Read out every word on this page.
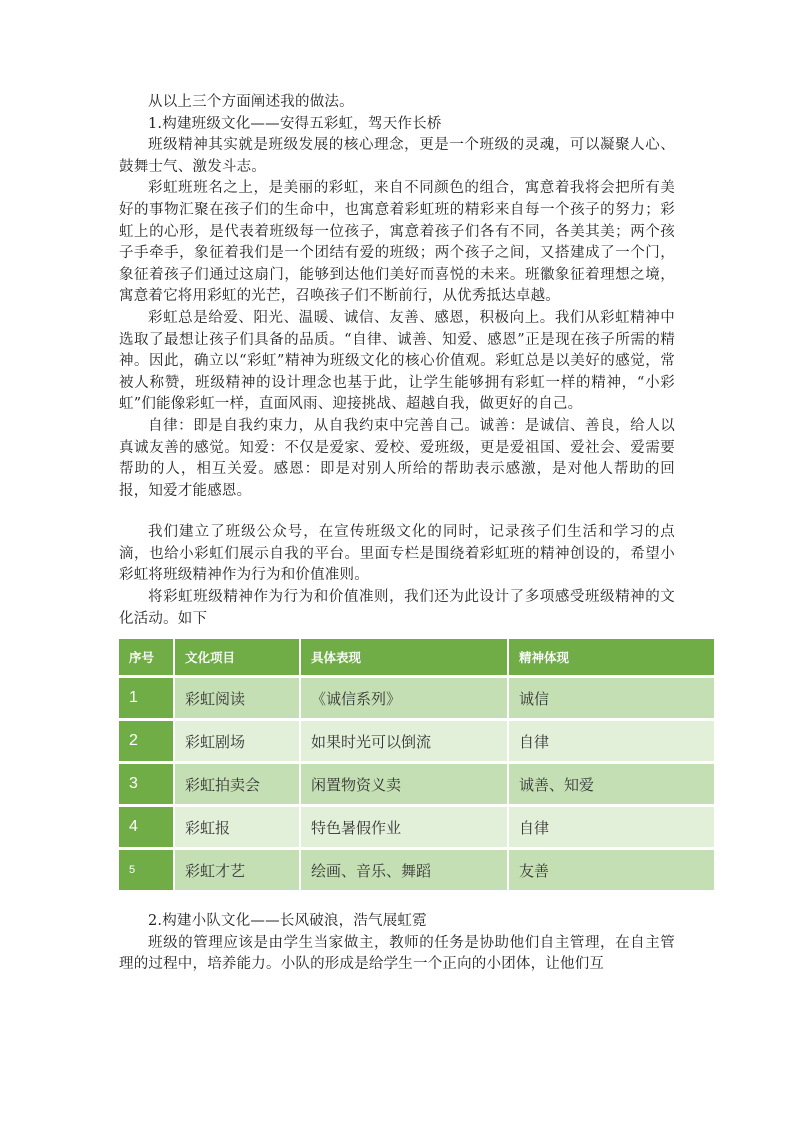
从以上三个方面阐述我的做法。

1.构建班级文化——安得五彩虹，驾天作长桥

班级精神其实就是班级发展的核心理念，更是一个班级的灵魂，可以凝聚人心、鼓舞士气、激发斗志。

彩虹班班名之上，是美丽的彩虹，来自不同颜色的组合，寓意着我将会把所有美好的事物汇聚在孩子们的生命中，也寓意着彩虹班的精彩来自每一个孩子的努力；彩虹上的心形，是代表着班级每一位孩子，寓意着孩子们各有不同，各美其美；两个孩子手牵手，象征着我们是一个团结有爱的班级；两个孩子之间，又搭建成了一个门，象征着孩子们通过这扇门，能够到达他们美好而喜悦的未来。班徽象征着理想之境，寓意着它将用彩虹的光芒，召唤孩子们不断前行，从优秀抵达卓越。

彩虹总是给爱、阳光、温暖、诚信、友善、感恩，积极向上。我们从彩虹精神中选取了最想让孩子们具备的品质。“自律、诚善、知爱、感恩”正是现在孩子所需的精神。因此，确立以“彩虹”精神为班级文化的核心价值观。彩虹总是以美好的感觉，常被人称赞，班级精神的设计理念也基于此，让学生能够拥有彩虹一样的精神，“小彩虹”们能像彩虹一样，直面风雨、迎接挑战、超越自我，做更好的自己。

自律：即是自我约束力，从自我约束中完善自己。诚善：是诚信、善良，给人以真诚友善的感觉。知爱：不仅是爱家、爱校、爱班级，更是爱祖国、爱社会、爱需要帮助的人，相互关爱。感恩：即是对别人所给的帮助表示感激，是对他人帮助的回报，知爱才能感恩。

我们建立了班级公众号，在宣传班级文化的同时，记录孩子们生活和学习的点滴，也给小彩虹们展示自我的平台。里面专栏是围绕着彩虹班的精神创设的，希望小彩虹将班级精神作为行为和价值准则。

将彩虹班级精神作为行为和价值准则，我们还为此设计了多项感受班级精神的文化活动。如下

序号	文化项目	具体表现	精神体现
1	彩虹阅读	《诚信系列》	诚信
2	彩虹剧场	如果时光可以倒流	自律
3	彩虹拍卖会	闲置物资义卖	诚善、知爱
4	彩虹报	特色暑假作业	自律
5	彩虹才艺	绘画、音乐、舞蹈	友善

2.构建小队文化——长风破浪，浩气展虹霓

班级的管理应该是由学生当家做主，教师的任务是协助他们自主管理，在自主管理的过程中，培养能力。小队的形成是给学生一个正向的小团体，让他们互
